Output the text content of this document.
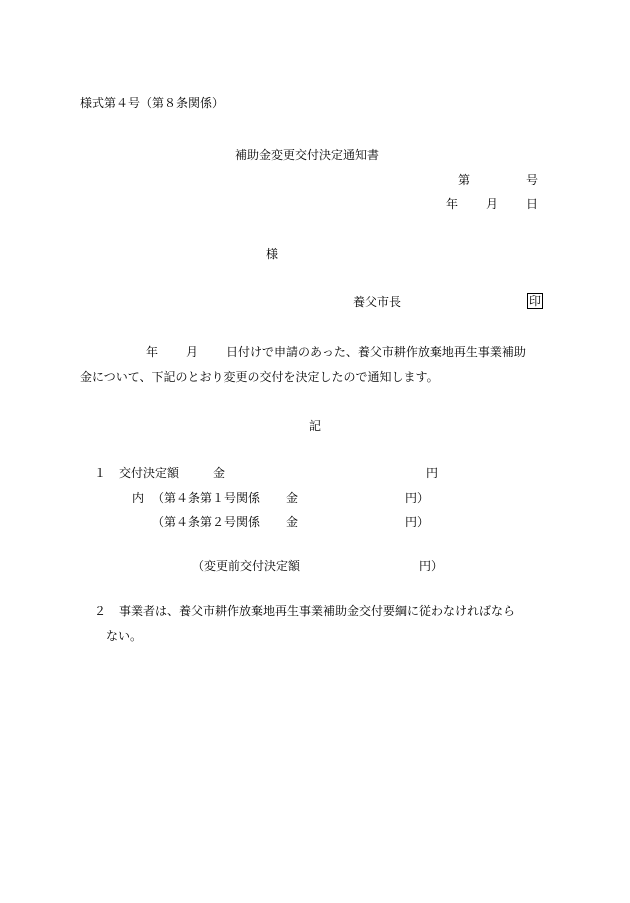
様式第４号（第８条関係）
補助金変更交付決定通知書
第	号
年 月 日
様
養父市長	印
年 月 日付けで申請のあった、養父市耕作放棄地再生事業補助
金について、下記のとおり変更の交付を決定したので通知します。
記
１ 交付決定額	金	円
内 （第４条第１号関係 金	円）
（第４条第２号関係 金	円）
（変更前交付決定額	円）
２ 事業者は、養父市耕作放棄地再生事業補助金交付要綱に従わなければなら
ない。
